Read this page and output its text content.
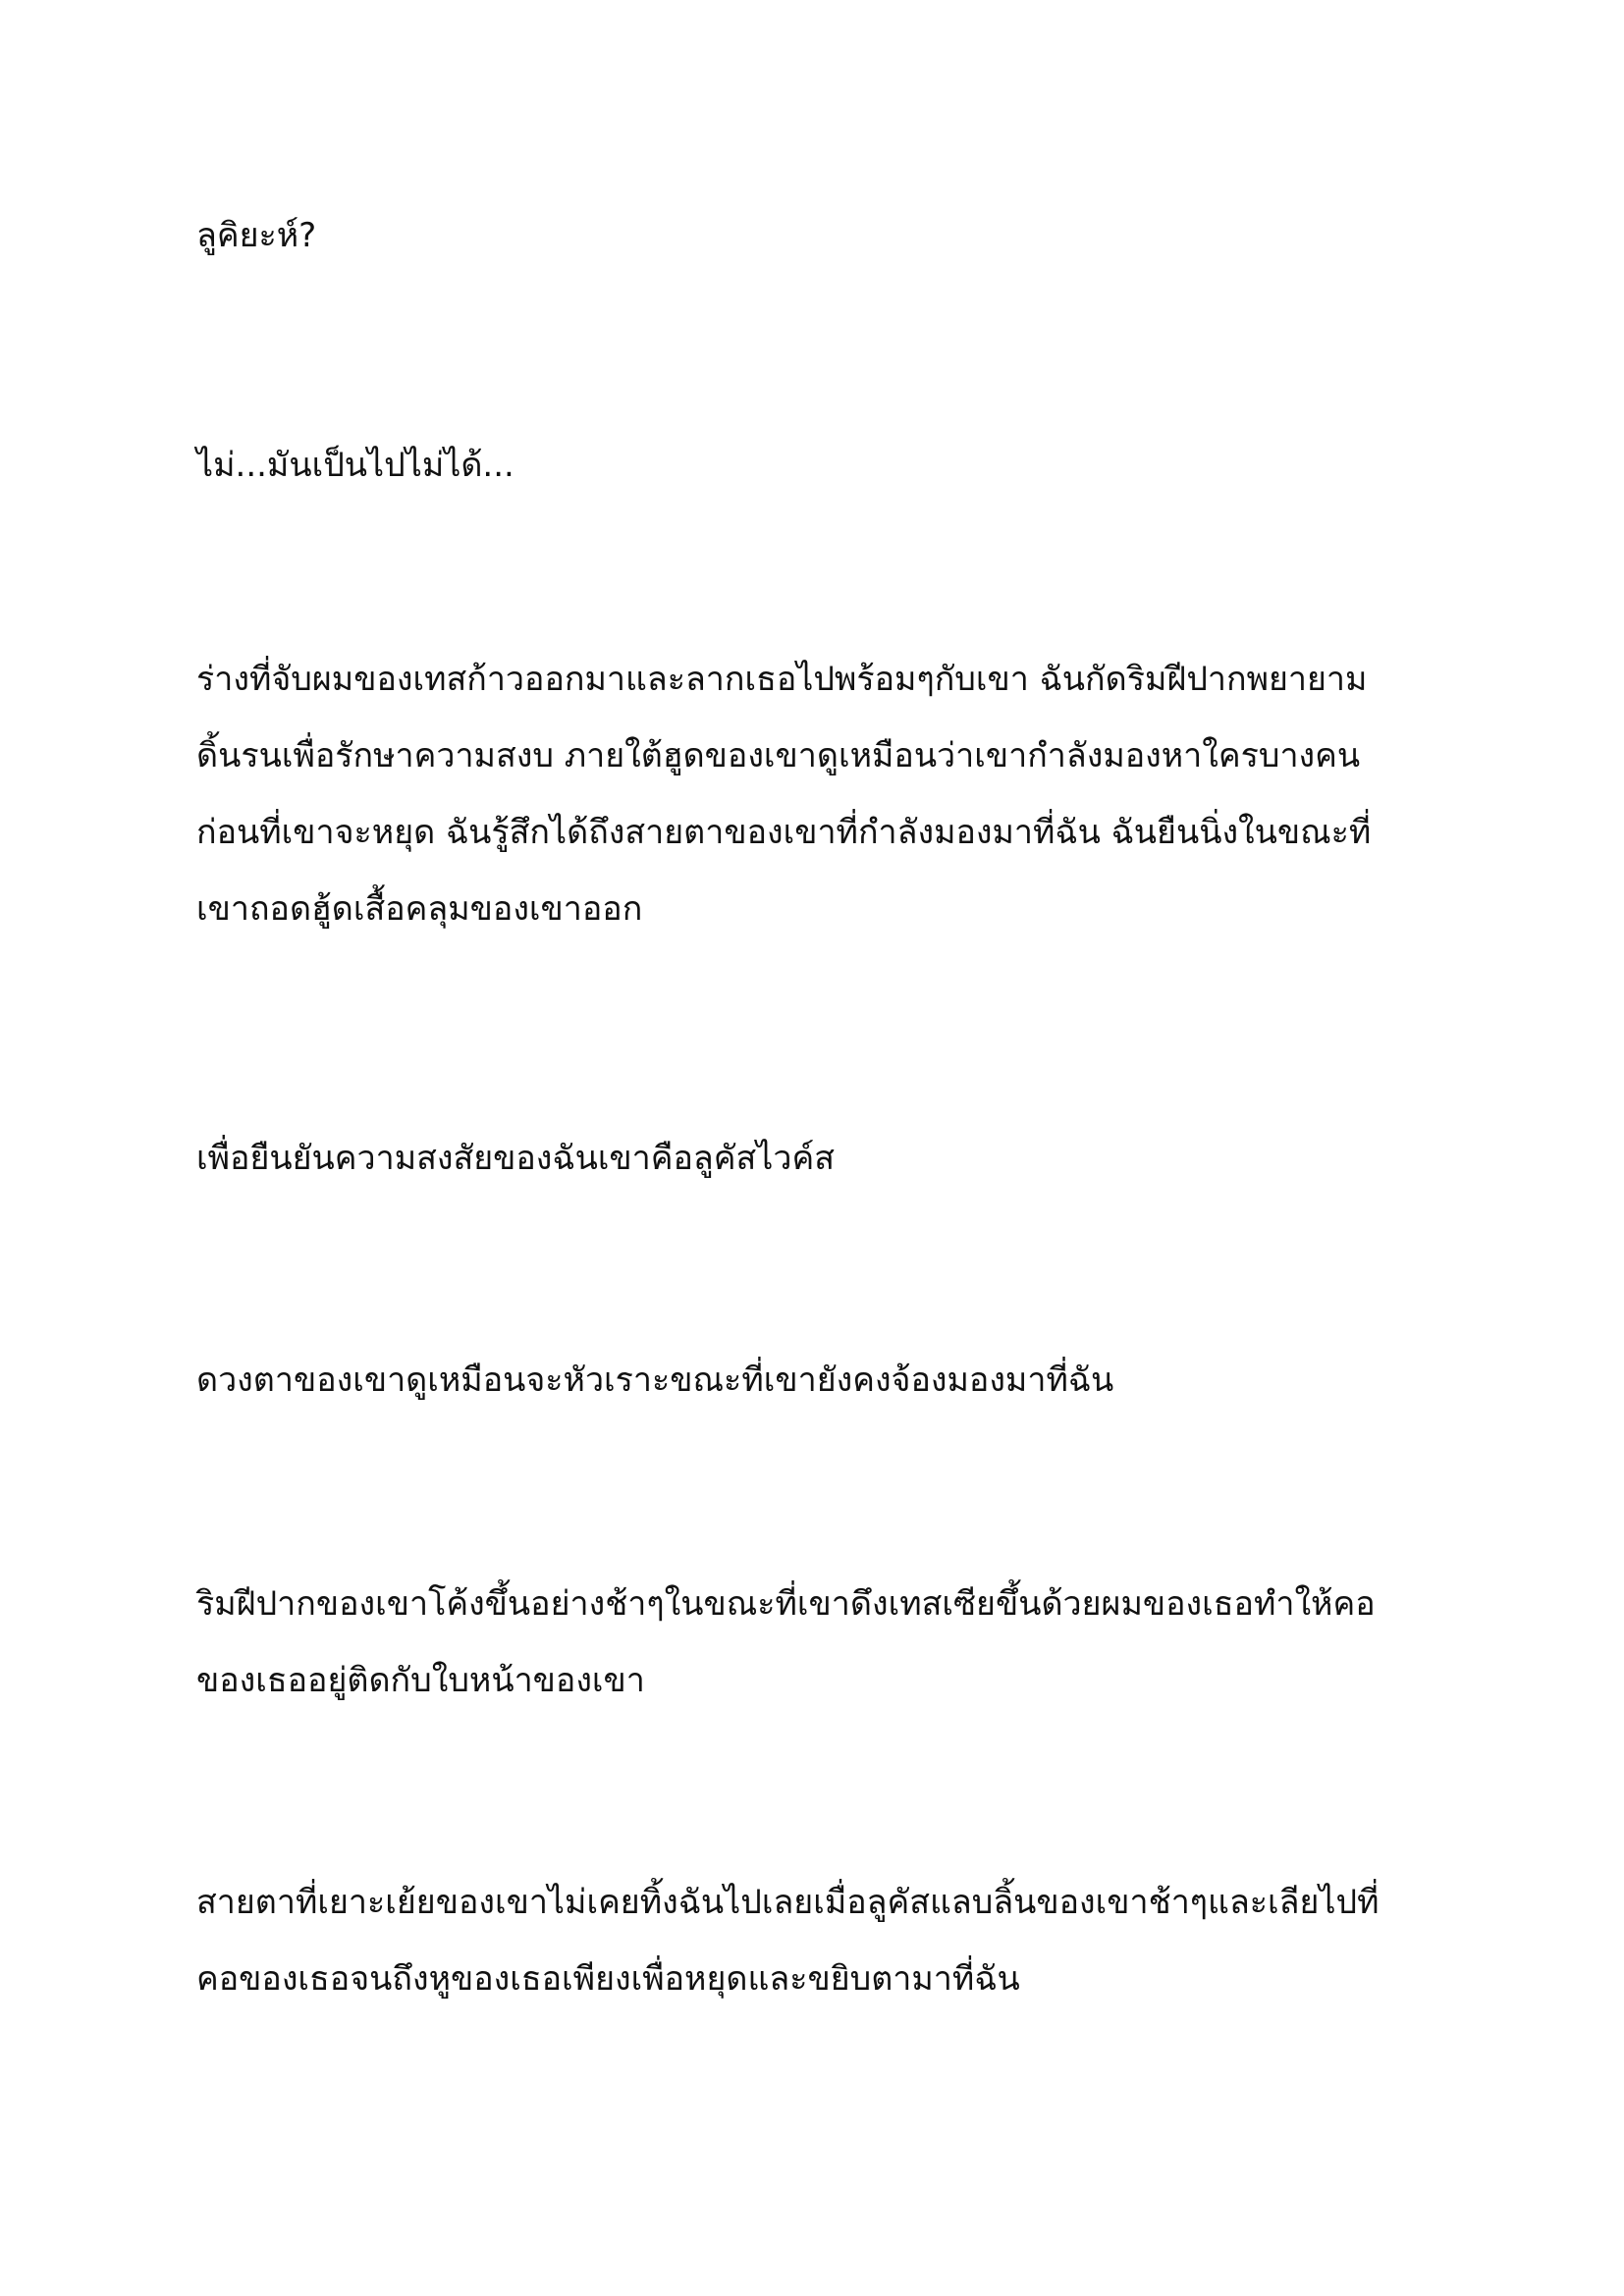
ลูคิยะห์?

ไม่...มันเป็นไปไม่ได้...

ร่างที่จับผมของเทสก้าวออกมาและลากเธอไปพร้อมๆกับเขา ฉันกัดริมฝีปากพยายาม

ดิ้นรนเพื่อรักษาความสงบ ภายใต้ฮูดของเขาดูเหมือนว่าเขากำลังมองหาใครบางคน

ก่อนที่เขาจะหยุด ฉันรู้สึกได้ถึงสายตาของเขาที่กำลังมองมาที่ฉัน ฉันยืนนิ่งในขณะที่

เขาถอดฮู้ดเสื้อคลุมของเขาออก

เพื่อยืนยันความสงสัยของฉันเขาคือลูคัสไวค์ส

ดวงตาของเขาดูเหมือนจะหัวเราะขณะที่เขายังคงจ้องมองมาที่ฉัน

ริมฝีปากของเขาโค้งขึ้นอย่างช้าๆในขณะที่เขาดึงเทสเซียขึ้นด้วยผมของเธอทำให้คอ

ของเธออยู่ติดกับใบหน้าของเขา

สายตาที่เยาะเย้ยของเขาไม่เคยทิ้งฉันไปเลยเมื่อลูคัสแลบลิ้นของเขาช้าๆและเลียไปที่

คอของเธอจนถึงหูของเธอเพียงเพื่อหยุดและขยิบตามาที่ฉัน
